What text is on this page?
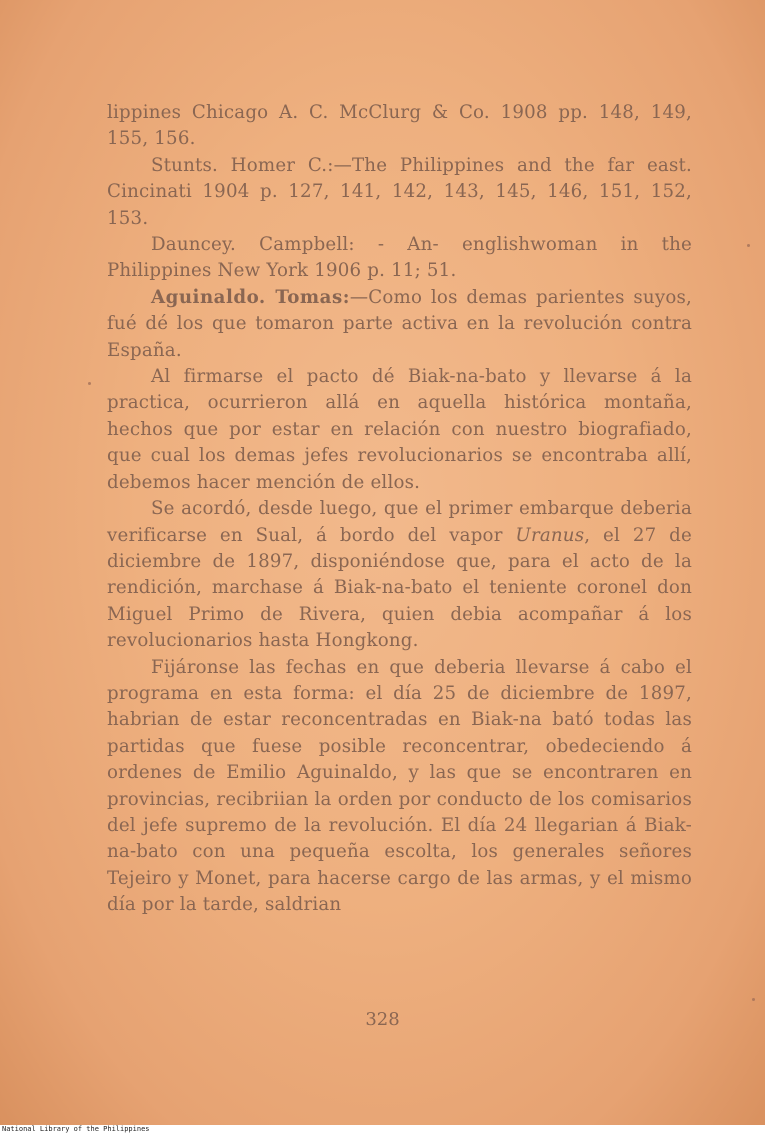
lippines Chicago A. C. McClurg & Co. 1908 pp. 148, 149, 155, 156.

Stunts. Homer C.:—The Philippines and the far east. Cincinati 1904 p. 127, 141, 142, 143, 145, 146, 151, 152, 153.

Dauncey. Campbell: - An- englishwoman in the Philippines New York 1906 p. 11; 51.

Aguinaldo. Tomas:—Como los demas parientes suyos, fué dé los que tomaron parte activa en la revolución contra España.

Al firmarse el pacto dé Biak-na-bato y llevarse á la practica, ocurrieron allá en aquella histórica montaña, hechos que por estar en relación con nuestro biografiado, que cual los demas jefes revolucionarios se encontraba allí, debemos hacer mención de ellos.

Se acordó, desde luego, que el primer embarque deberia verificarse en Sual, á bordo del vapor Uranus, el 27 de diciembre de 1897, disponiéndose que, para el acto de la rendición, marchase á Biak-na-bato el teniente coronel don Miguel Primo de Rivera, quien debia acompañar á los revolucionarios hasta Hongkong.

Fijáronse las fechas en que deberia llevarse á cabo el programa en esta forma: el día 25 de diciembre de 1897, habrian de estar reconcentradas en Biak-na bató todas las partidas que fuese posible reconcentrar, obedeciendo á ordenes de Emilio Aguinaldo, y las que se encontraren en provincias, recibriian la orden por conducto de los comisarios del jefe supremo de la revolución. El día 24 llegarian á Biak-na-bato con una pequeña escolta, los generales señores Tejeiro y Monet, para hacerse cargo de las armas, y el mismo día por la tarde, saldrian

328
National Library of the Philippines
